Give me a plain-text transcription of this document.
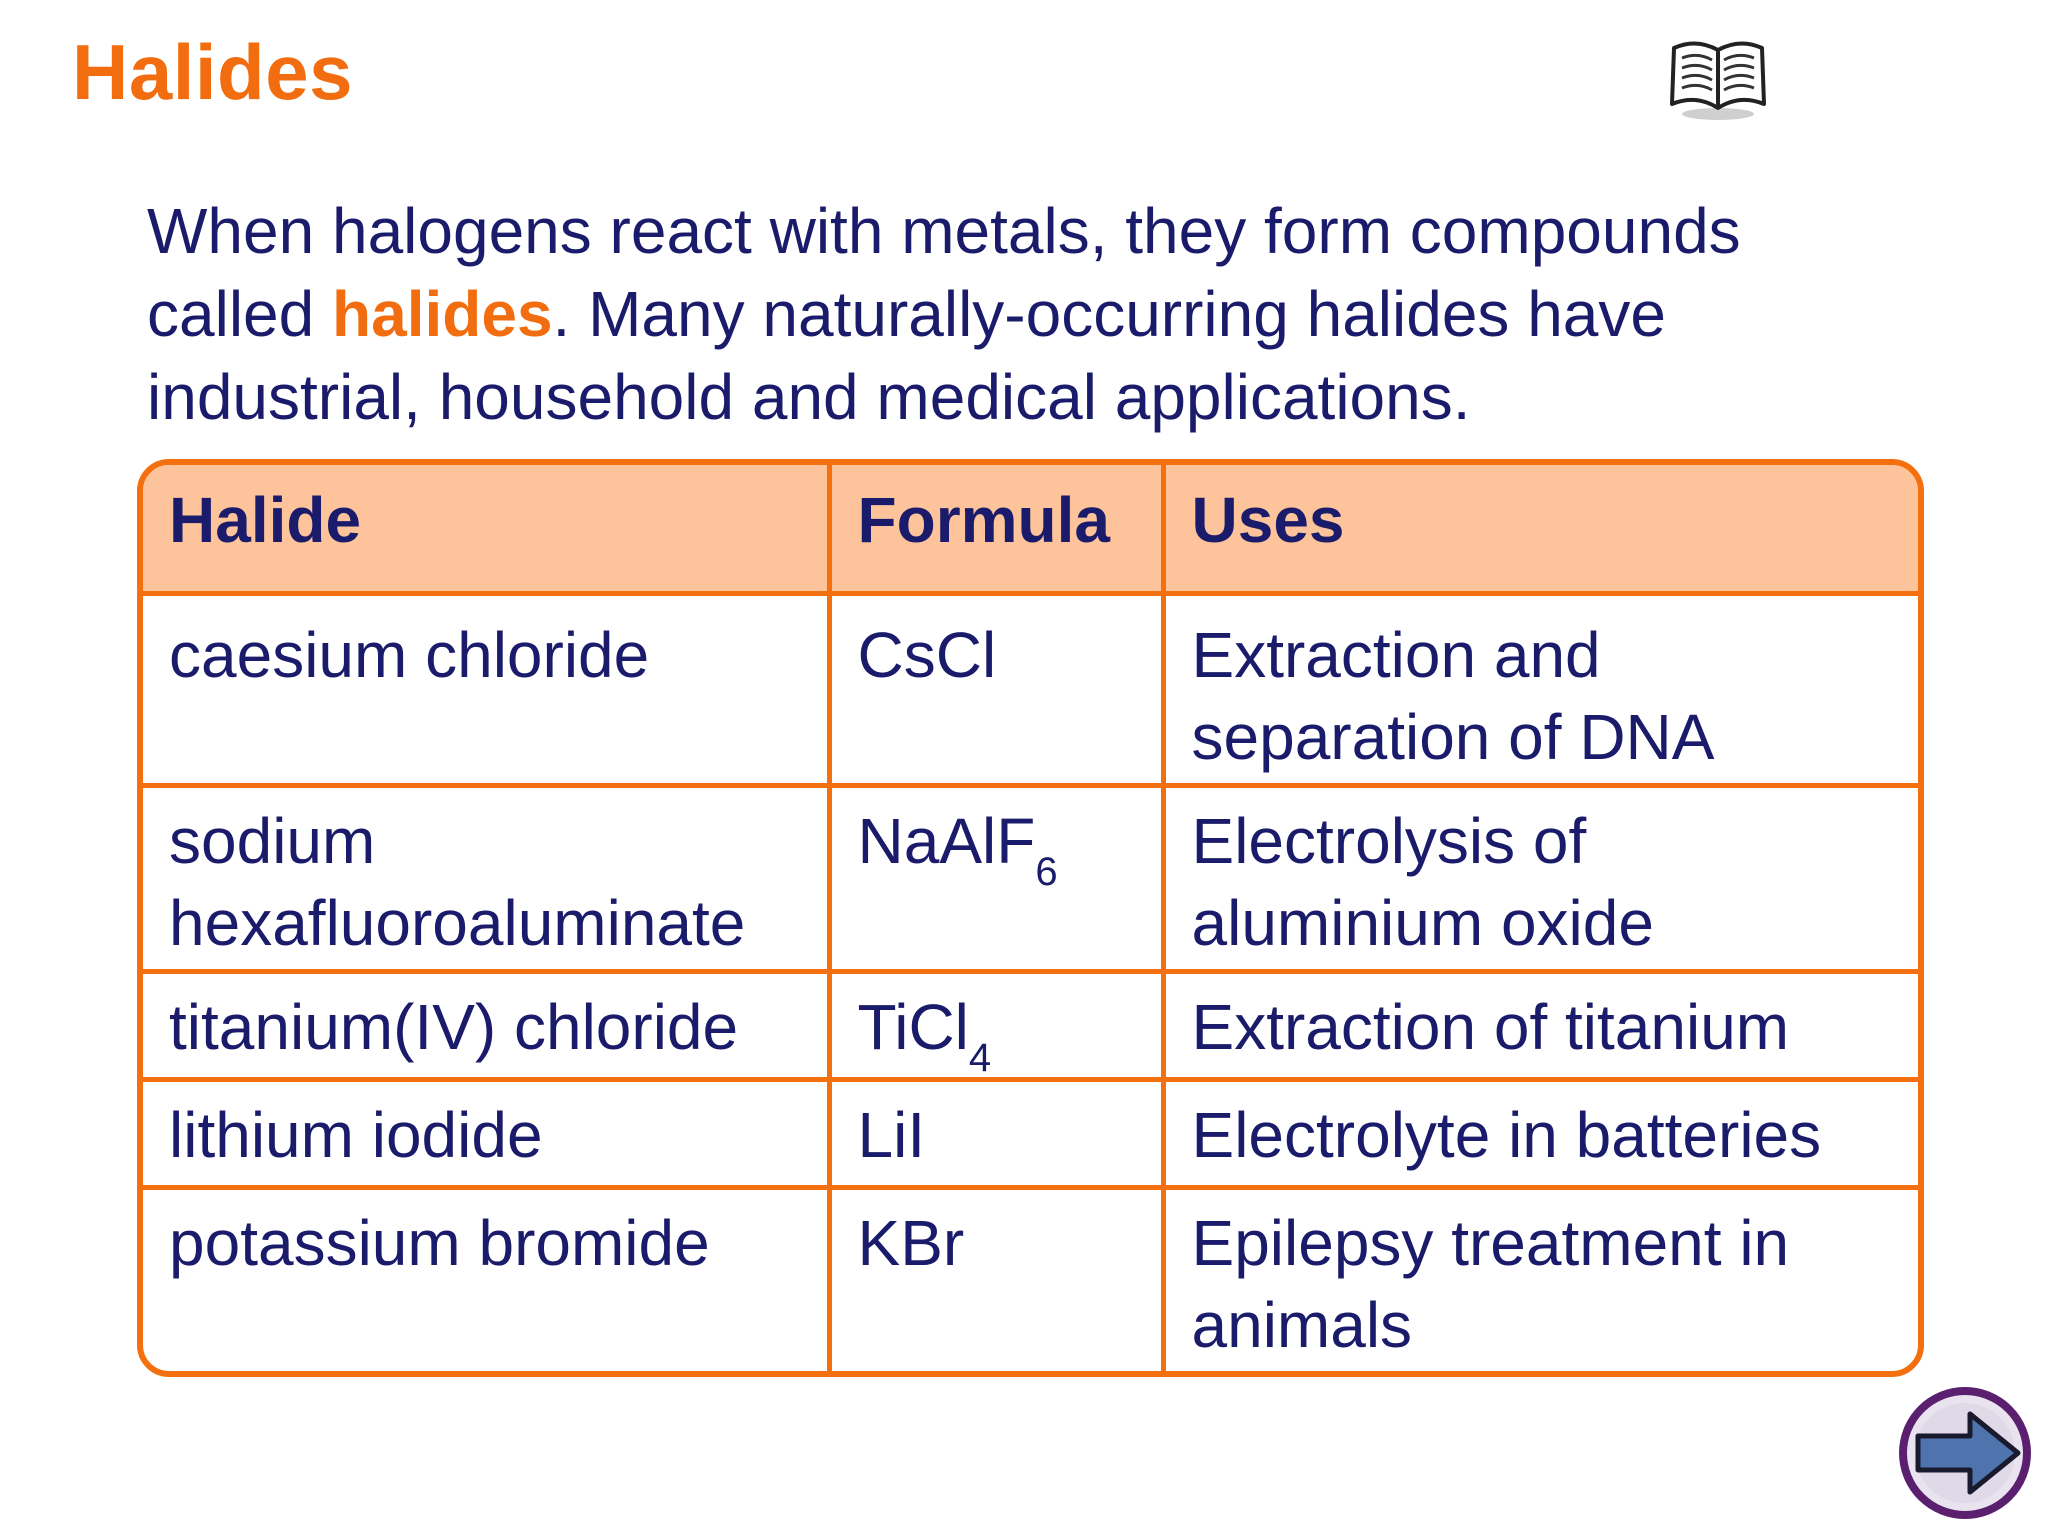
Halides
When halogens react with metals, they form compounds called halides. Many naturally-occurring halides have industrial, household and medical applications.
Halide	Formula	Uses
caesium chloride	CsCl	Extraction and separation of DNA
sodium hexafluoroaluminate	NaAlF$_6$	Electrolysis of aluminium oxide
titanium(IV) chloride	TiCl$_4$	Extraction of titanium
lithium iodide	LiI	Electrolyte in batteries
potassium bromide	KBr	Epilepsy treatment in animals
